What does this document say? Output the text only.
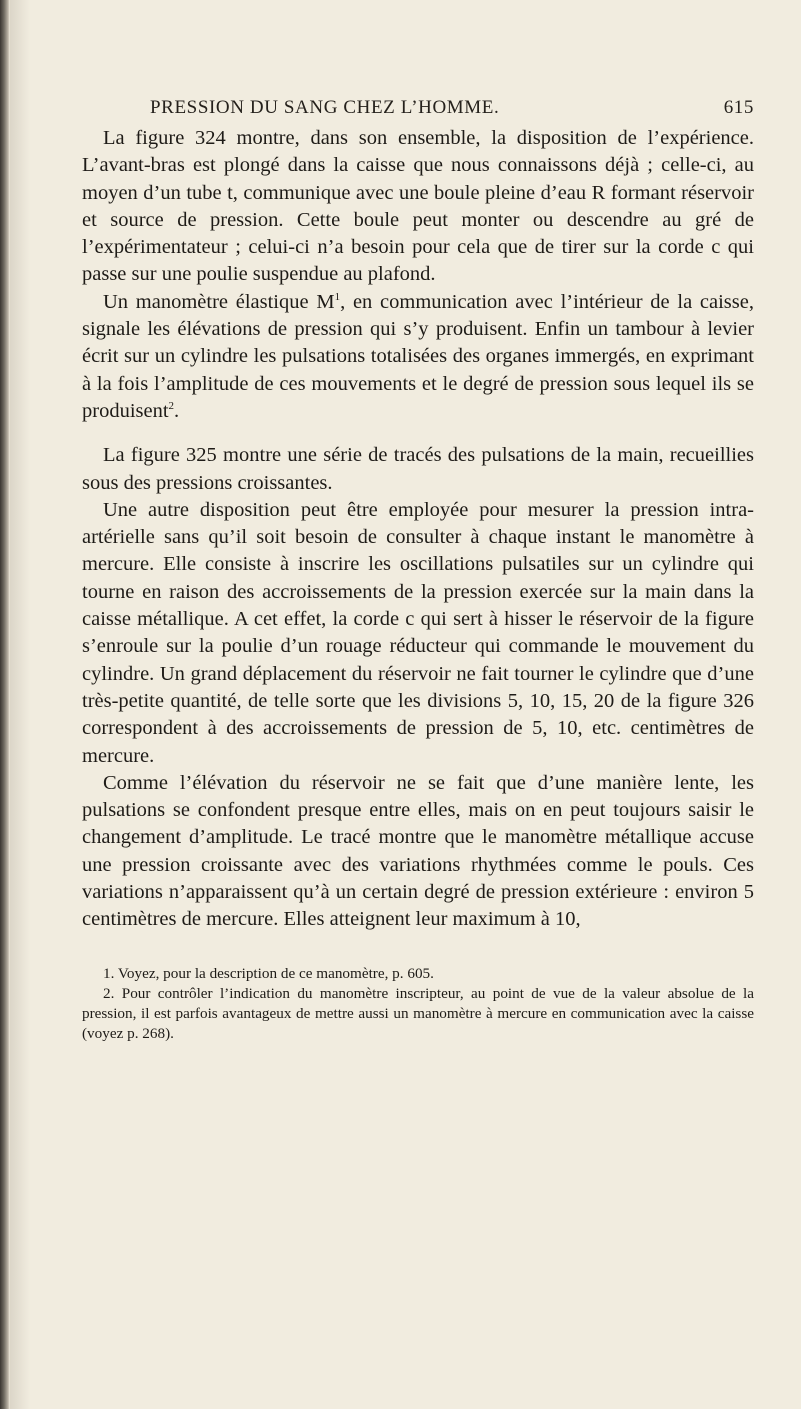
PRESSION DU SANG CHEZ L’HOMME.	615

La figure 324 montre, dans son ensemble, la disposition de l’expérience. L’avant-bras est plongé dans la caisse que nous connaissons déjà ; celle-ci, au moyen d’un tube t, communique avec une boule pleine d’eau R formant réservoir et source de pression. Cette boule peut monter ou descendre au gré de l’expérimentateur ; celui-ci n’a besoin pour cela que de tirer sur la corde c qui passe sur une poulie suspendue au plafond.

Un manomètre élastique $M^1$, en communication avec l’intérieur de la caisse, signale les élévations de pression qui s’y produisent. Enfin un tambour à levier écrit sur un cylindre les pulsations totalisées des organes immergés, en exprimant à la fois l’amplitude de ces mouvements et le degré de pression sous lequel ils se produisent$^2$.

La figure 325 montre une série de tracés des pulsations de la main, recueillies sous des pressions croissantes.

Une autre disposition peut être employée pour mesurer la pression intra-artérielle sans qu’il soit besoin de consulter à chaque instant le manomètre à mercure. Elle consiste à inscrire les oscillations pulsatiles sur un cylindre qui tourne en raison des accroissements de la pression exercée sur la main dans la caisse métallique. A cet effet, la corde c qui sert à hisser le réservoir de la figure s’enroule sur la poulie d’un rouage réducteur qui commande le mouvement du cylindre. Un grand déplacement du réservoir ne fait tourner le cylindre que d’une très-petite quantité, de telle sorte que les divisions 5, 10, 15, 20 de la figure 326 correspondent à des accroissements de pression de 5, 10, etc. centimètres de mercure.

Comme l’élévation du réservoir ne se fait que d’une manière lente, les pulsations se confondent presque entre elles, mais on en peut toujours saisir le changement d’amplitude. Le tracé montre que le manomètre métallique accuse une pression croissante avec des variations rhythmées comme le pouls. Ces variations n’apparaissent qu’à un certain degré de pression extérieure : environ 5 centimètres de mercure. Elles atteignent leur maximum à 10,

1. Voyez, pour la description de ce manomètre, p. 605.

2. Pour contrôler l’indication du manomètre inscripteur, au point de vue de la valeur absolue de la pression, il est parfois avantageux de mettre aussi un manomètre à mercure en communication avec la caisse (voyez p. 268).
